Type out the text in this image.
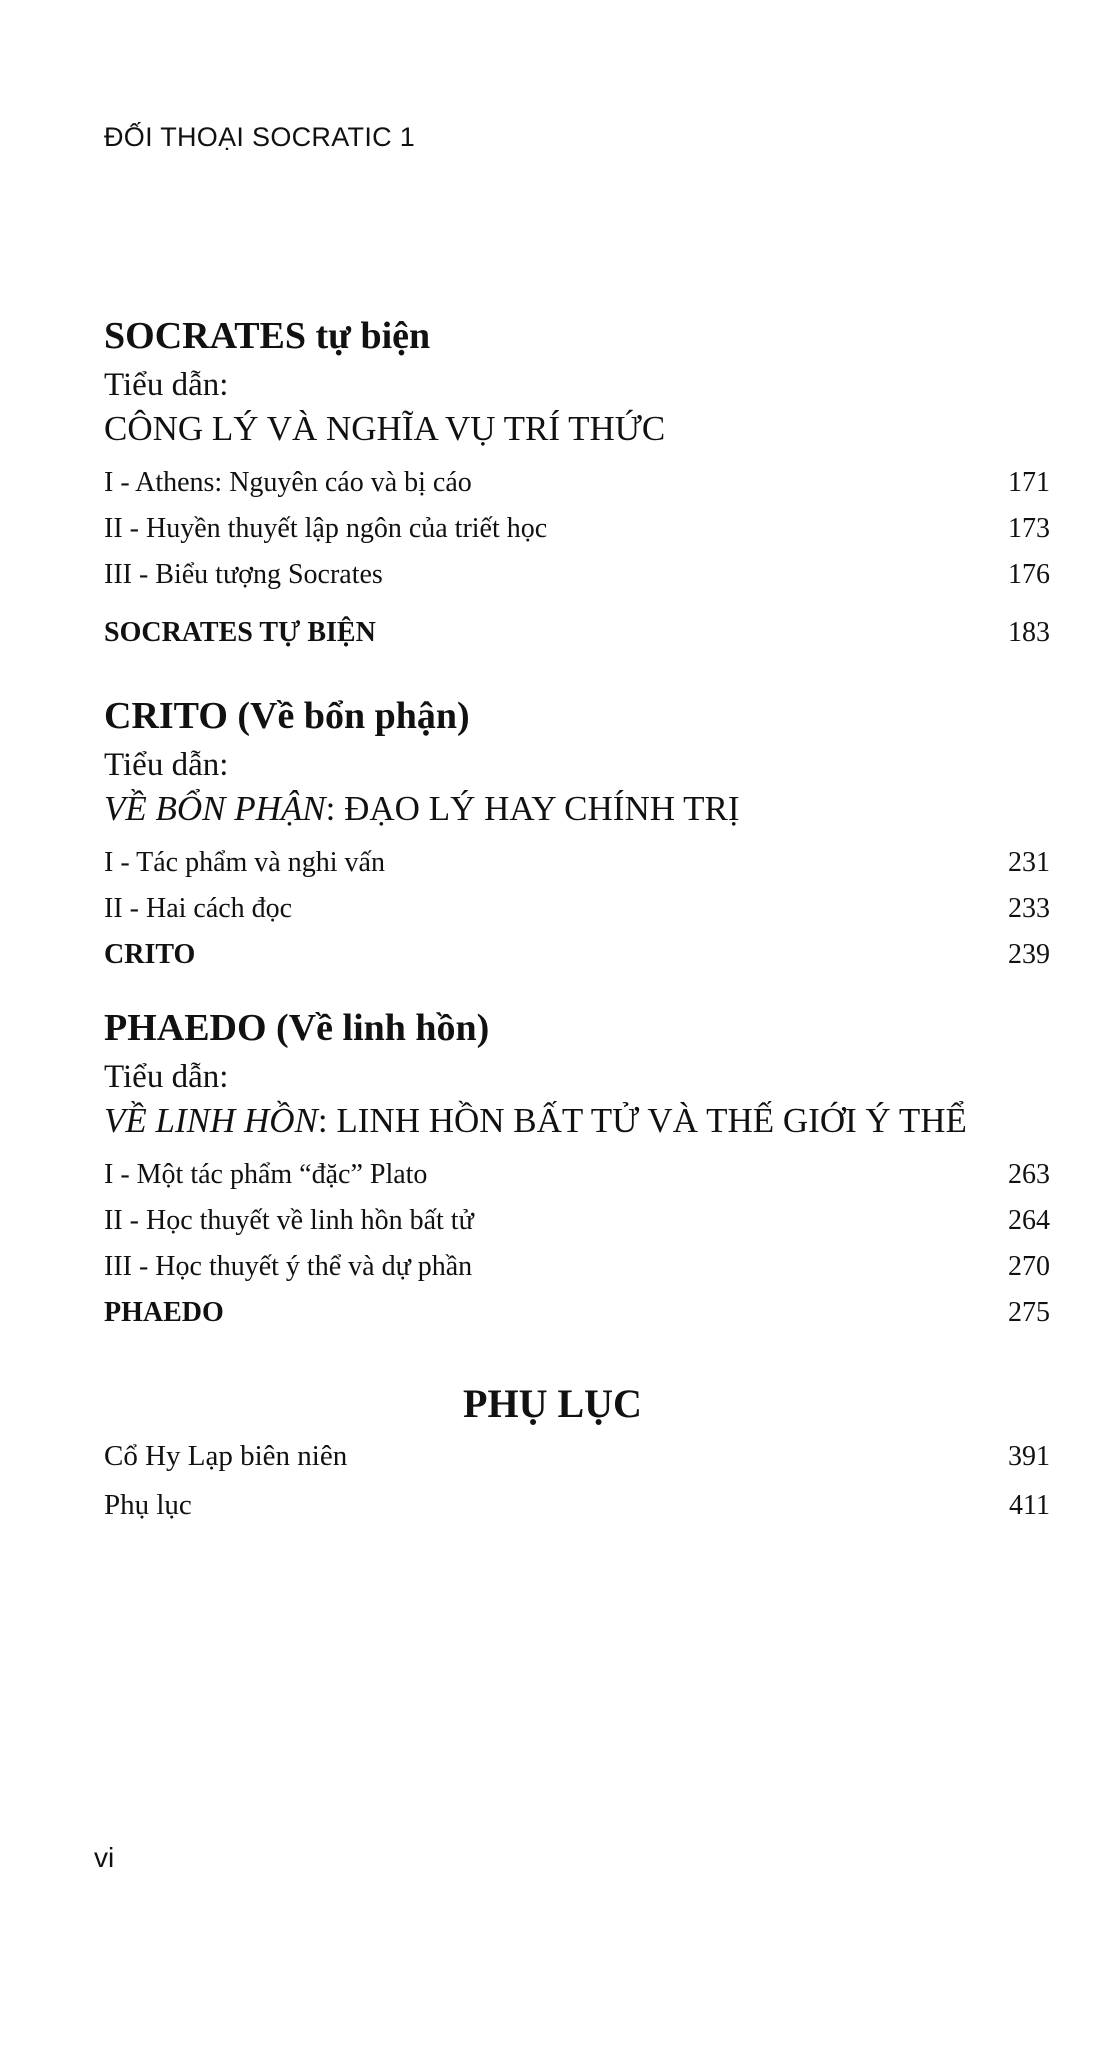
ĐỐI THOẠI SOCRATIC 1
SOCRATES tự biện
Tiểu dẫn:
CÔNG LÝ VÀ NGHĨA VỤ TRÍ THỨC
I - Athens: Nguyên cáo và bị cáo	171
II - Huyền thuyết lập ngôn của triết học	173
III - Biểu tượng Socrates	176
SOCRATES TỰ BIỆN	183
CRITO (Về bổn phận)
Tiểu dẫn:
VỀ BỔN PHẬN: ĐẠO LÝ HAY CHÍNH TRỊ
I - Tác phẩm và nghi vấn	231
II - Hai cách đọc	233
CRITO	239
PHAEDO (Về linh hồn)
Tiểu dẫn:
VỀ LINH HỒN: LINH HỒN BẤT TỬ VÀ THẾ GIỚI Ý THỂ
I - Một tác phẩm “đặc” Plato	263
II - Học thuyết về linh hồn bất tử	264
III - Học thuyết ý thể và dự phần	270
PHAEDO	275
PHỤ LỤC
Cổ Hy Lạp biên niên	391
Phụ lục	411
vi
